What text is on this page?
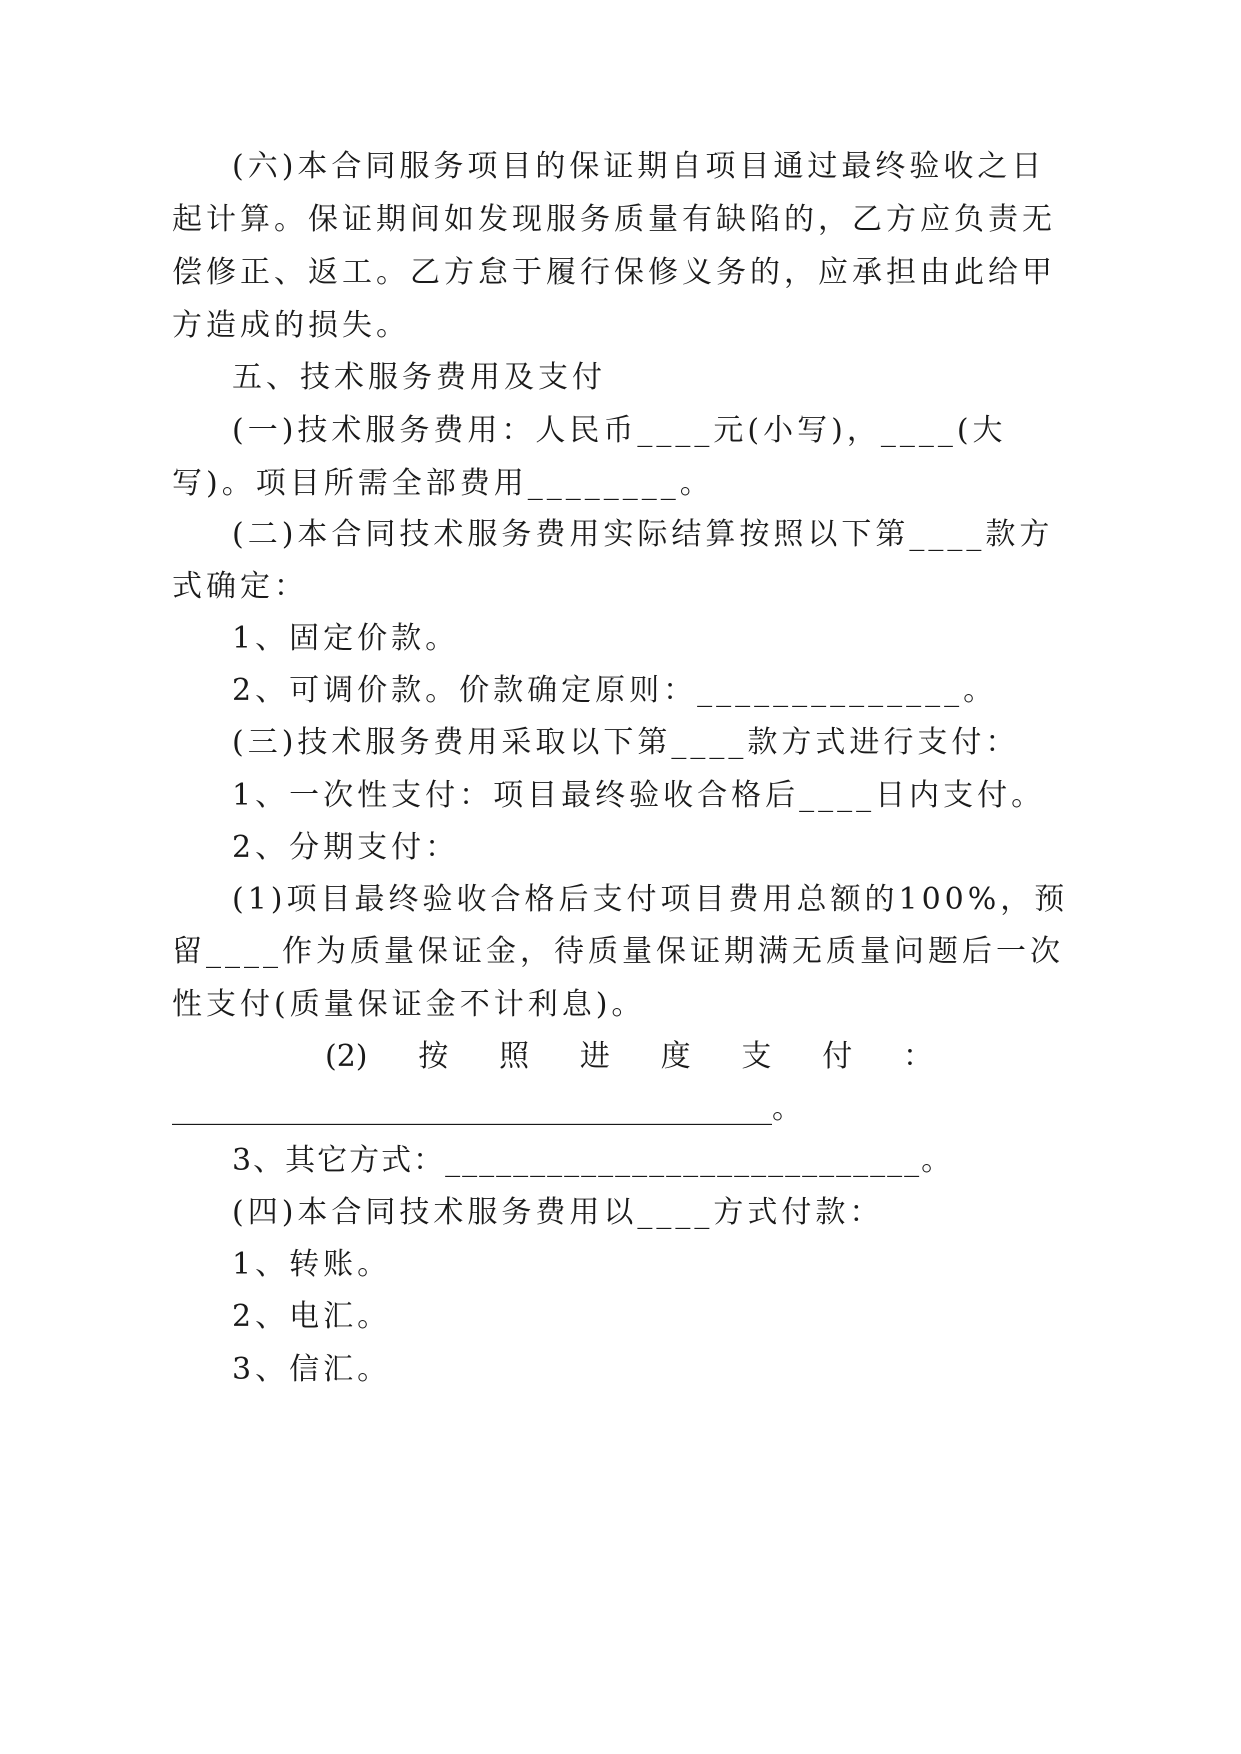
(六)本合同服务项目的保证期自项目通过最终验收之日
起计算。保证期间如发现服务质量有缺陷的，乙方应负责无
偿修正、返工。乙方怠于履行保修义务的，应承担由此给甲
方造成的损失。
五、技术服务费用及支付
(一)技术服务费用：人民币____元(小写)，____(大
写)。项目所需全部费用________。
(二)本合同技术服务费用实际结算按照以下第____款方
式确定：
1、固定价款。
2、可调价款。价款确定原则：______________。
(三)技术服务费用采取以下第____款方式进行支付：
1、一次性支付：项目最终验收合格后____日内支付。
2、分期支付：
(1)项目最终验收合格后支付项目费用总额的100%，预
留____作为质量保证金，待质量保证期满无质量问题后一次
性支付(质量保证金不计利息)。
(2) 按 照 进 度 支 付 ：
________________________________________。
3、其它方式：____________________________。
(四)本合同技术服务费用以____方式付款：
1、转账。
2、电汇。
3、信汇。
